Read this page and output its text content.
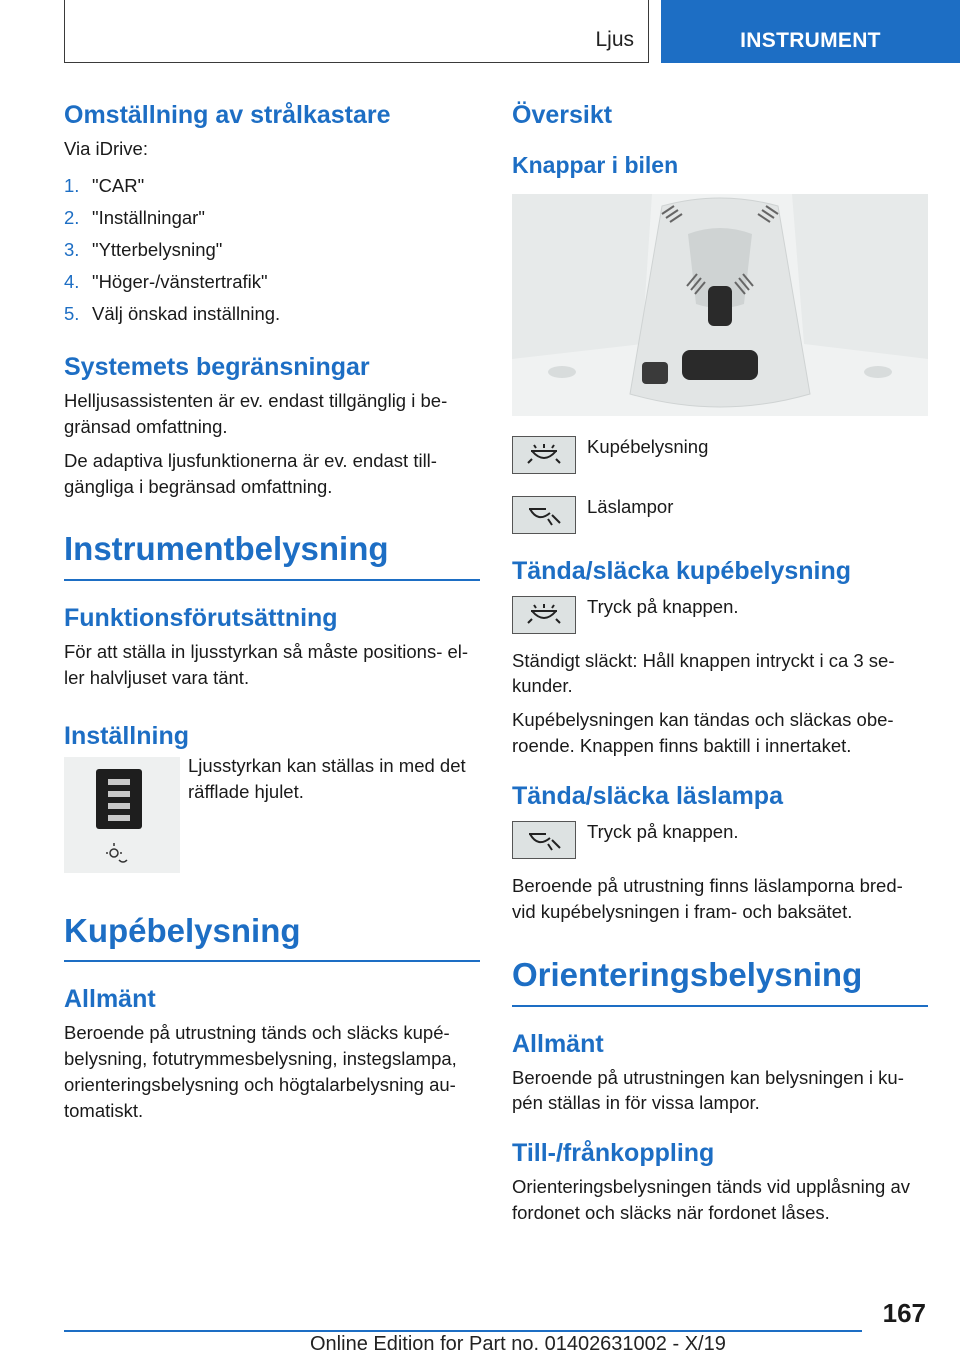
Ljus	INSTRUMENT
Omställning av strålkastare

Via iDrive:

1. "CAR"
2. "Inställningar"
3. "Ytterbelysning"
4. "Höger-/vänstertrafik"
5. Välj önskad inställning.
Systemets begränsningar

Helljusassistenten är ev. endast tillgänglig i be- gränsad omfattning.

De adaptiva ljusfunktionerna är ev. endast till- gängliga i begränsad omfattning.

Instrumentbelysning
Funktionsförutsättning

För att ställa in ljusstyrkan så måste positions- el- ler halvljuset vara tänt.

Inställning

Ljusstyrkan kan ställas in med det räfflade hjulet.

Kupébelysning
Allmänt

Beroende på utrustning tänds och släcks kupé- belysning, fotutrymmesbelysning, instegslampa, orienteringsbelysning och högtalarbelysning au- tomatiskt.

Översikt
Knappar i bilen
Kupébelysning
Läslampor
Tända/släcka kupébelysning
Tryck på knappen.

Ständigt släckt: Håll knappen intryckt i ca 3 se- kunder.

Kupébelysningen kan tändas och släckas obe- roende. Knappen finns baktill i innertaket.

Tända/släcka läslampa
Tryck på knappen.

Beroende på utrustning finns läslamporna bred- vid kupébelysningen i fram- och baksätet.

Orienteringsbelysning
Allmänt

Beroende på utrustningen kan belysningen i ku- pén ställas in för vissa lampor.

Till-/frånkoppling

Orienteringsbelysningen tänds vid upplåsning av fordonet och släcks när fordonet låses.

167
Online Edition for Part no. 01402631002 - X/19
